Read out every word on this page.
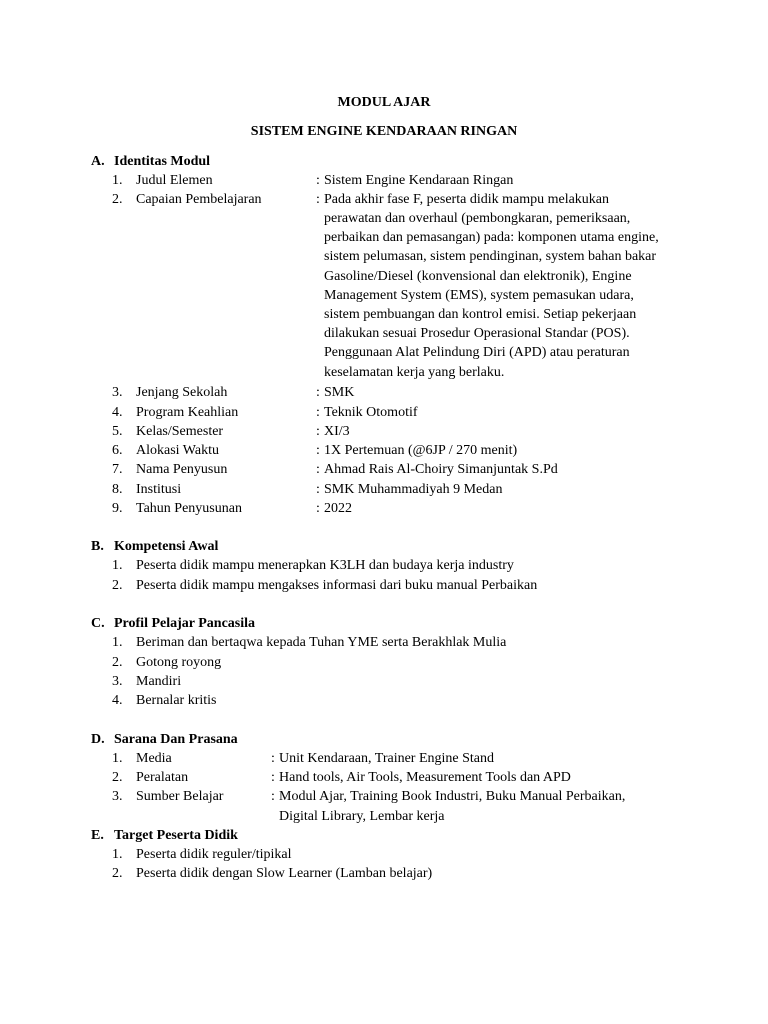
MODUL AJAR
SISTEM ENGINE KENDARAAN RINGAN
A. Identitas Modul
1. Judul Elemen	: Sistem Engine Kendaraan Ringan
2. Capaian Pembelajaran	: Pada akhir fase F, peserta didik mampu melakukan
perawatan dan overhaul (pembongkaran, pemeriksaan, perbaikan dan pemasangan) pada: komponen utama engine, sistem pelumasan, sistem pendinginan, system bahan bakar Gasoline/Diesel (konvensional dan elektronik), Engine Management System (EMS), system pemasukan udara, sistem pembuangan dan kontrol emisi. Setiap pekerjaan dilakukan sesuai Prosedur Operasional Standar (POS). Penggunaan Alat Pelindung Diri (APD) atau peraturan keselamatan kerja yang berlaku.
3. Jenjang Sekolah	: SMK
4. Program Keahlian	: Teknik Otomotif
5. Kelas/Semester	: XI/3
6. Alokasi Waktu	: 1X Pertemuan (@6JP / 270 menit)
7. Nama Penyusun	: Ahmad Rais Al-Choiry Simanjuntak S.Pd
8. Institusi	: SMK Muhammadiyah 9 Medan
9. Tahun Penyusunan	: 2022
B. Kompetensi Awal
1. Peserta didik mampu menerapkan K3LH dan budaya kerja industry
2. Peserta didik mampu mengakses informasi dari buku manual Perbaikan
C. Profil Pelajar Pancasila
1. Beriman dan bertaqwa kepada Tuhan YME serta Berakhlak Mulia
2. Gotong royong
3. Mandiri
4. Bernalar kritis
D. Sarana Dan Prasana
1. Media	: Unit Kendaraan, Trainer Engine Stand
2. Peralatan	: Hand tools, Air Tools, Measurement Tools dan APD
3. Sumber Belajar	: Modul Ajar, Training Book Industri, Buku Manual Perbaikan,
Digital Library, Lembar kerja
E. Target Peserta Didik
1. Peserta didik reguler/tipikal
2. Peserta didik dengan Slow Learner (Lamban belajar)
